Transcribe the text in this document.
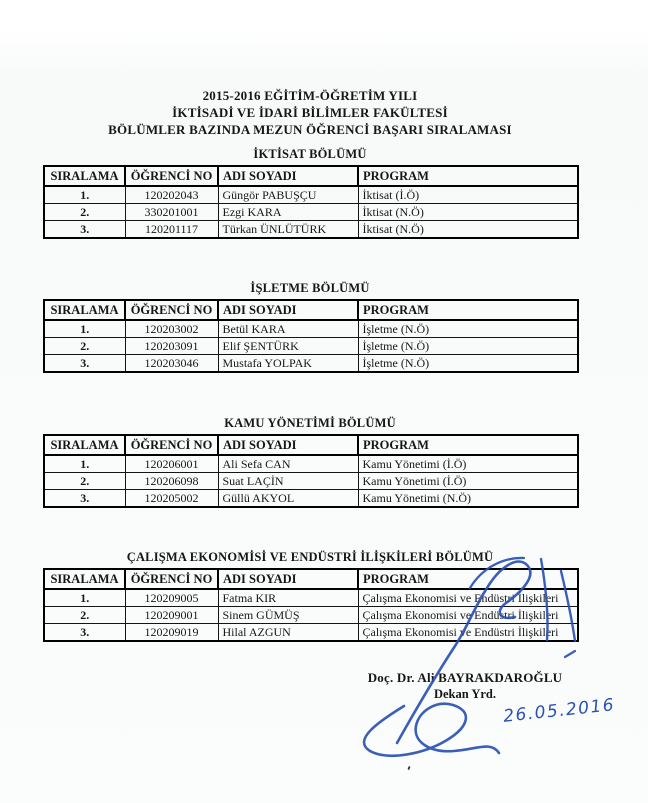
2015-2016 EĞİTİM-ÖĞRETİM YILI
İKTİSADİ VE İDARİ BİLİMLER FAKÜLTESİ
BÖLÜMLER BAZINDA MEZUN ÖĞRENCİ BAŞARI SIRALAMASI
İKTİSAT BÖLÜMÜ
SIRALAMA	ÖĞRENCİ NO	ADI SOYADI	PROGRAM
1.	120202043	Güngör PABUŞÇU	İktisat (İ.Ö)
2.	330201001	Ezgi KARA	İktisat (N.Ö)
3.	120201117	Türkan ÜNLÜTÜRK	İktisat (N.Ö)
İŞLETME BÖLÜMÜ
SIRALAMA	ÖĞRENCİ NO	ADI SOYADI	PROGRAM
1.	120203002	Betül KARA	İşletme (N.Ö)
2.	120203091	Elif ŞENTÜRK	İşletme (N.Ö)
3.	120203046	Mustafa YOLPAK	İşletme (N.Ö)
KAMU YÖNETİMİ BÖLÜMÜ
SIRALAMA	ÖĞRENCİ NO	ADI SOYADI	PROGRAM
1.	120206001	Ali Sefa CAN	Kamu Yönetimi (İ.Ö)
2.	120206098	Suat LAÇİN	Kamu Yönetimi (İ.Ö)
3.	120205002	Güllü AKYOL	Kamu Yönetimi (N.Ö)
ÇALIŞMA EKONOMİSİ VE ENDÜSTRİ İLİŞKİLERİ BÖLÜMÜ
SIRALAMA	ÖĞRENCİ NO	ADI SOYADI	PROGRAM
1.	120209005	Fatma KIR	Çalışma Ekonomisi ve Endüstri İlişkileri
2.	120209001	Sinem GÜMÜŞ	Çalışma Ekonomisi ve Endüstri İlişkileri
3.	120209019	Hilal AZGUN	Çalışma Ekonomisi ve Endüstri İlişkileri
Doç. Dr. Ali BAYRAKDAROĞLU
Dekan Yrd.
26.05.2016
